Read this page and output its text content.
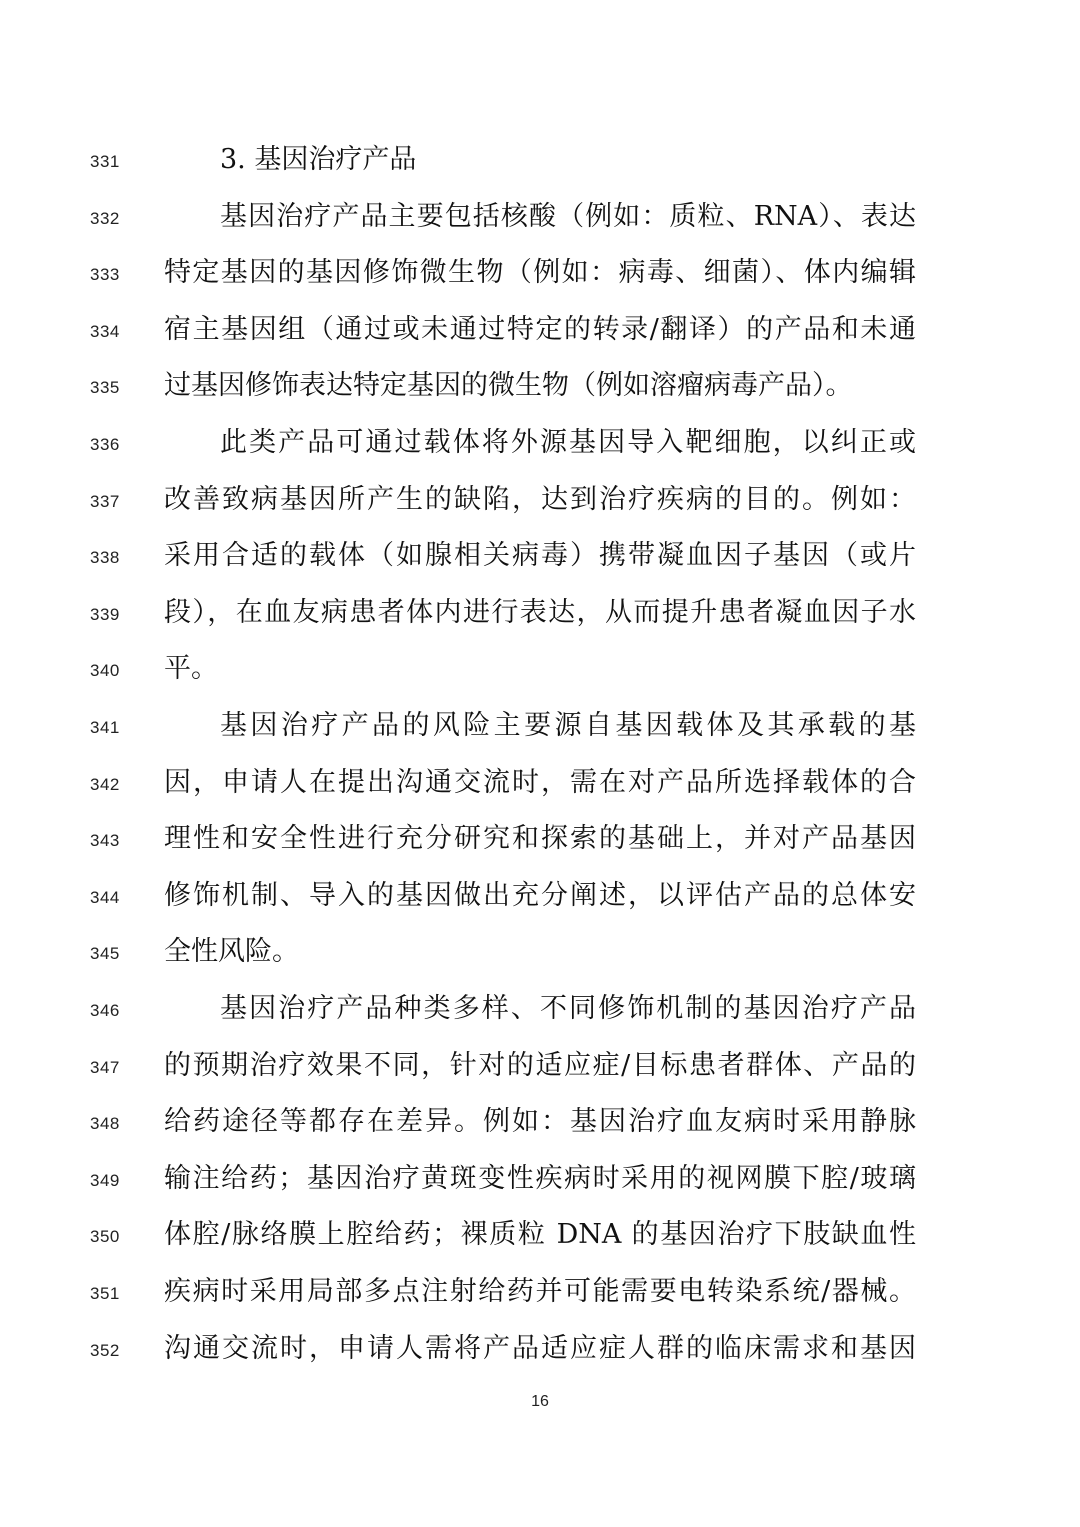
331	3. 基因治疗产品
332	基因治疗产品主要包括核酸（例如：质粒、RNA）、表达
333	特定基因的基因修饰微生物（例如：病毒、细菌）、体内编辑
334	宿主基因组（通过或未通过特定的转录/翻译）的产品和未通
335	过基因修饰表达特定基因的微生物（例如溶瘤病毒产品）。
336	此类产品可通过载体将外源基因导入靶细胞，以纠正或
337	改善致病基因所产生的缺陷，达到治疗疾病的目的。例如：
338	采用合适的载体（如腺相关病毒）携带凝血因子基因（或片
339	段），在血友病患者体内进行表达，从而提升患者凝血因子水
340	平。
341	基因治疗产品的风险主要源自基因载体及其承载的基
342	因，申请人在提出沟通交流时，需在对产品所选择载体的合
343	理性和安全性进行充分研究和探索的基础上，并对产品基因
344	修饰机制、导入的基因做出充分阐述，以评估产品的总体安
345	全性风险。
346	基因治疗产品种类多样、不同修饰机制的基因治疗产品
347	的预期治疗效果不同，针对的适应症/目标患者群体、产品的
348	给药途径等都存在差异。例如：基因治疗血友病时采用静脉
349	输注给药；基因治疗黄斑变性疾病时采用的视网膜下腔/玻璃
350	体腔/脉络膜上腔给药；裸质粒 DNA 的基因治疗下肢缺血性
351	疾病时采用局部多点注射给药并可能需要电转染系统/器械。
352	沟通交流时，申请人需将产品适应症人群的临床需求和基因
16
